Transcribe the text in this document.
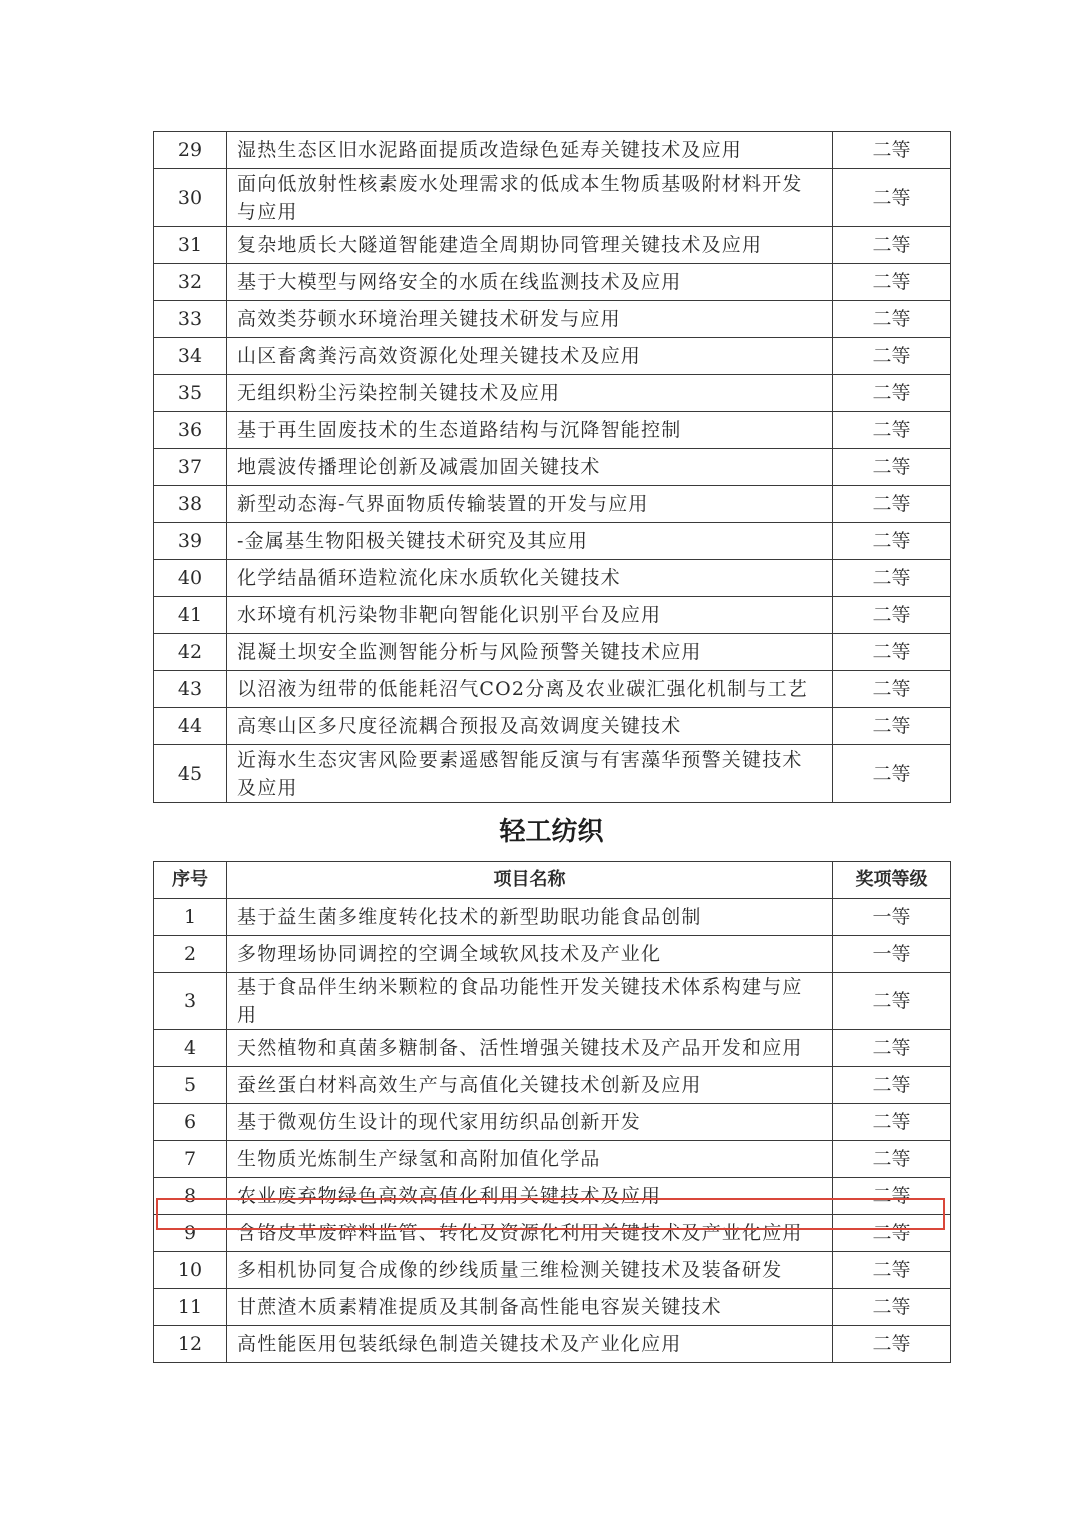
29	湿热生态区旧水泥路面提质改造绿色延寿关键技术及应用	二等
30	面向低放射性核素废水处理需求的低成本生物质基吸附材料开发与应用	二等
31	复杂地质长大隧道智能建造全周期协同管理关键技术及应用	二等
32	基于大模型与网络安全的水质在线监测技术及应用	二等
33	高效类芬顿水环境治理关键技术研发与应用	二等
34	山区畜禽粪污高效资源化处理关键技术及应用	二等
35	无组织粉尘污染控制关键技术及应用	二等
36	基于再生固废技术的生态道路结构与沉降智能控制	二等
37	地震波传播理论创新及减震加固关键技术	二等
38	新型动态海-气界面物质传输装置的开发与应用	二等
39	-金属基生物阳极关键技术研究及其应用	二等
40	化学结晶循环造粒流化床水质软化关键技术	二等
41	水环境有机污染物非靶向智能化识别平台及应用	二等
42	混凝土坝安全监测智能分析与风险预警关键技术应用	二等
43	以沼液为纽带的低能耗沼气CO2分离及农业碳汇强化机制与工艺	二等
44	高寒山区多尺度径流耦合预报及高效调度关键技术	二等
45	近海水生态灾害风险要素遥感智能反演与有害藻华预警关键技术及应用	二等
轻工纺织
序号	项目名称	奖项等级
1	基于益生菌多维度转化技术的新型助眠功能食品创制	一等
2	多物理场协同调控的空调全域软风技术及产业化	一等
3	基于食品伴生纳米颗粒的食品功能性开发关键技术体系构建与应用	二等
4	天然植物和真菌多糖制备、活性增强关键技术及产品开发和应用	二等
5	蚕丝蛋白材料高效生产与高值化关键技术创新及应用	二等
6	基于微观仿生设计的现代家用纺织品创新开发	二等
7	生物质光炼制生产绿氢和高附加值化学品	二等
8	农业废弃物绿色高效高值化利用关键技术及应用	二等
9	含铬皮革废碎料监管、转化及资源化利用关键技术及产业化应用	二等
10	多相机协同复合成像的纱线质量三维检测关键技术及装备研发	二等
11	甘蔗渣木质素精准提质及其制备高性能电容炭关键技术	二等
12	高性能医用包装纸绿色制造关键技术及产业化应用	二等
